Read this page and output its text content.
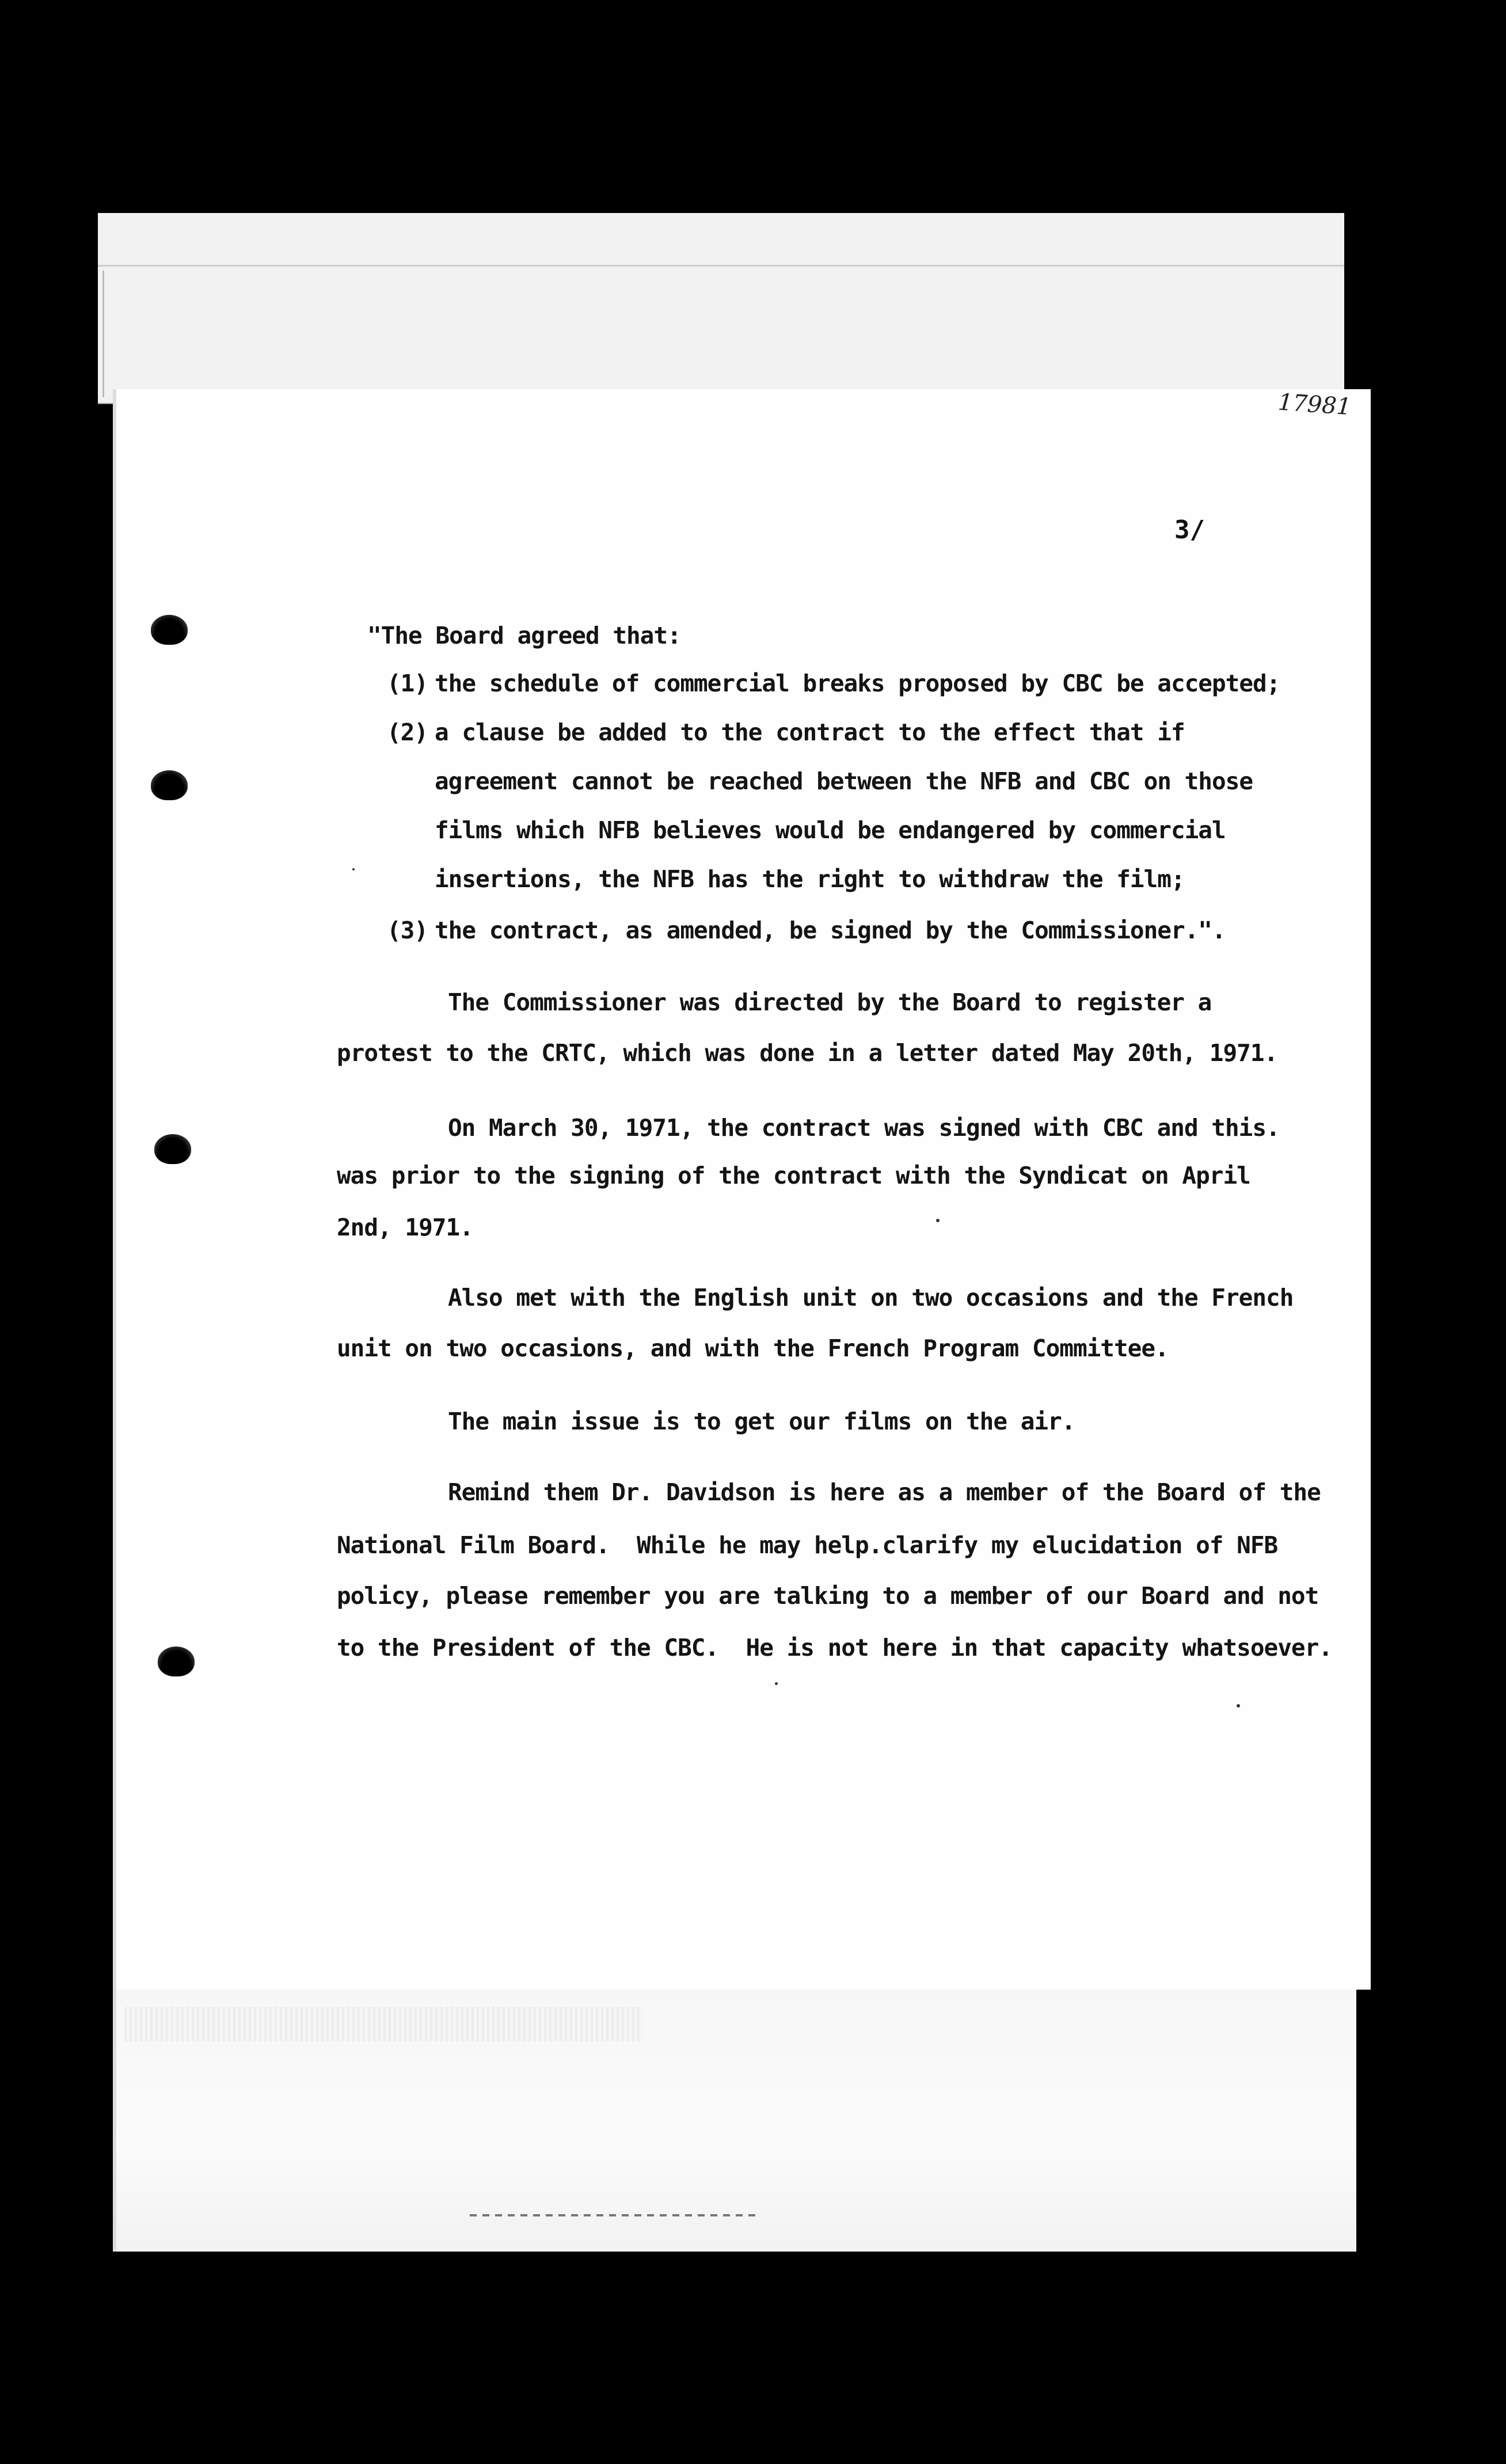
17981
3/
"The Board agreed that:
(1) the schedule of commercial breaks proposed by CBC be accepted;
(2) a clause be added to the contract to the effect that if
agreement cannot be reached between the NFB and CBC on those
films which NFB believes would be endangered by commercial
insertions, the NFB has the right to withdraw the film;
(3) the contract, as amended, be signed by the Commissioner.".
The Commissioner was directed by the Board to register a
protest to the CRTC, which was done in a letter dated May 20th, 1971.
On March 30, 1971, the contract was signed with CBC and this.
was prior to the signing of the contract with the Syndicat on April
2nd, 1971.
Also met with the English unit on two occasions and the French
unit on two occasions, and with the French Program Committee.
The main issue is to get our films on the air.
Remind them Dr. Davidson is here as a member of the Board of the
National Film Board.  While he may help.clarify my elucidation of NFB
policy, please remember you are talking to a member of our Board and not
to the President of the CBC.  He is not here in that capacity whatsoever.
